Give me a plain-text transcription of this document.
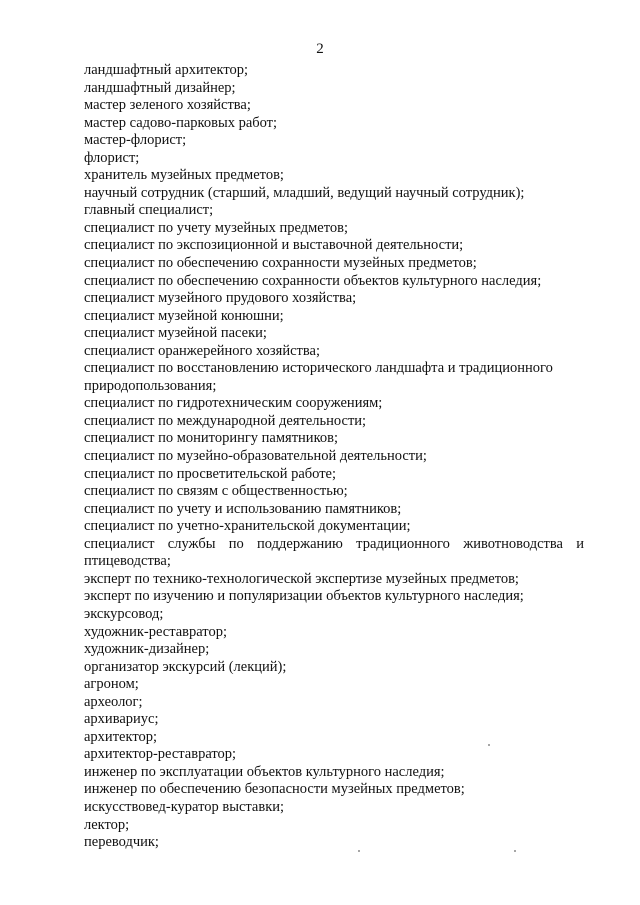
2
ландшафтный архитектор;
ландшафтный дизайнер;
мастер зеленого хозяйства;
мастер садово-парковых работ;
мастер-флорист;
флорист;
хранитель музейных предметов;
научный сотрудник (старший, младший, ведущий научный сотрудник);
главный специалист;
специалист по учету музейных предметов;
специалист по экспозиционной и выставочной деятельности;
специалист по обеспечению сохранности музейных предметов;
специалист по обеспечению сохранности объектов культурного наследия;
специалист музейного прудового хозяйства;
специалист музейной конюшни;
специалист музейной пасеки;
специалист оранжерейного хозяйства;
специалист по восстановлению исторического ландшафта и традиционного
природопользования;
специалист по гидротехническим сооружениям;
специалист по международной деятельности;
специалист по мониторингу памятников;
специалист по музейно-образовательной деятельности;
специалист по просветительской работе;
специалист по связям с общественностью;
специалист по учету и использованию памятников;
специалист по учетно-хранительской документации;
специалист службы по поддержанию традиционного животноводства и
птицеводства;
эксперт по технико-технологической экспертизе музейных предметов;
эксперт по изучению и популяризации объектов культурного наследия;
экскурсовод;
художник-реставратор;
художник-дизайнер;
организатор экскурсий (лекций);
агроном;
археолог;
архивариус;
архитектор;
архитектор-реставратор;
инженер по эксплуатации объектов культурного наследия;
инженер по обеспечению безопасности музейных предметов;
искусствовед-куратор выставки;
лектор;
переводчик;
